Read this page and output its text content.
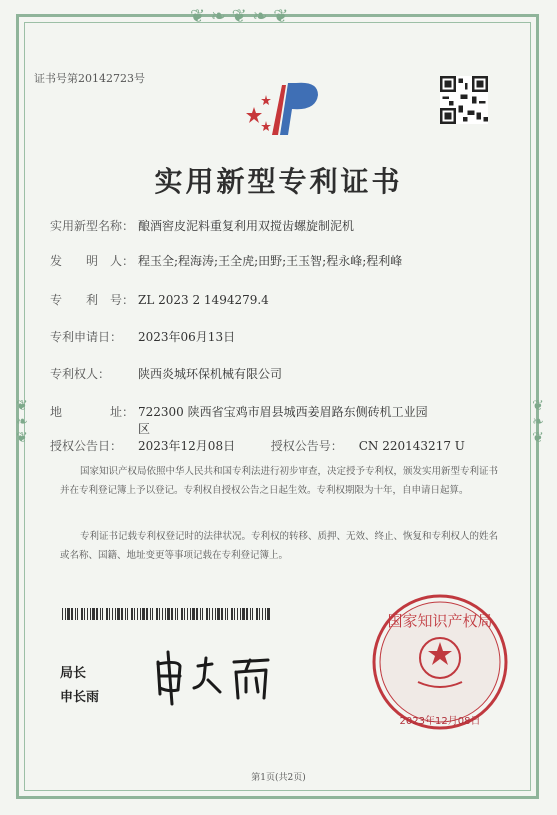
❦ ❧ ❦ ❧ ❦
❦❧❦	❦❧❦
证书号第20142723号
实用新型专利证书
实用新型名称： 酿酒窖皮泥料重复利用双搅齿螺旋制泥机
发　　明　人： 程玉全;程海涛;王全虎;田野;王玉智;程永峰;程利峰
专　　利　号： ZL 2023 2 1494279.4
专利申请日： 2023年06月13日
专利权人： 陕西炎城环保机械有限公司
地　　　　址： 722300 陕西省宝鸡市眉县城西姜眉路东侧砖机工业园
区
授权公告日： 2023年12月08日	授权公告号： CN 220143217 U
国家知识产权局依照中华人民共和国专利法进行初步审查，决定授予专利权，颁发实用新型专利证书并在专利登记簿上予以登记。专利权自授权公告之日起生效。专利权期限为十年，自申请日起算。
专利证书记载专利权登记时的法律状况。专利权的转移、质押、无效、终止、恢复和专利权人的姓名或名称、国籍、地址变更等事项记载在专利登记簿上。
局长
申长雨
国家知识产权局
2023年12月08日
第1页(共2页)
